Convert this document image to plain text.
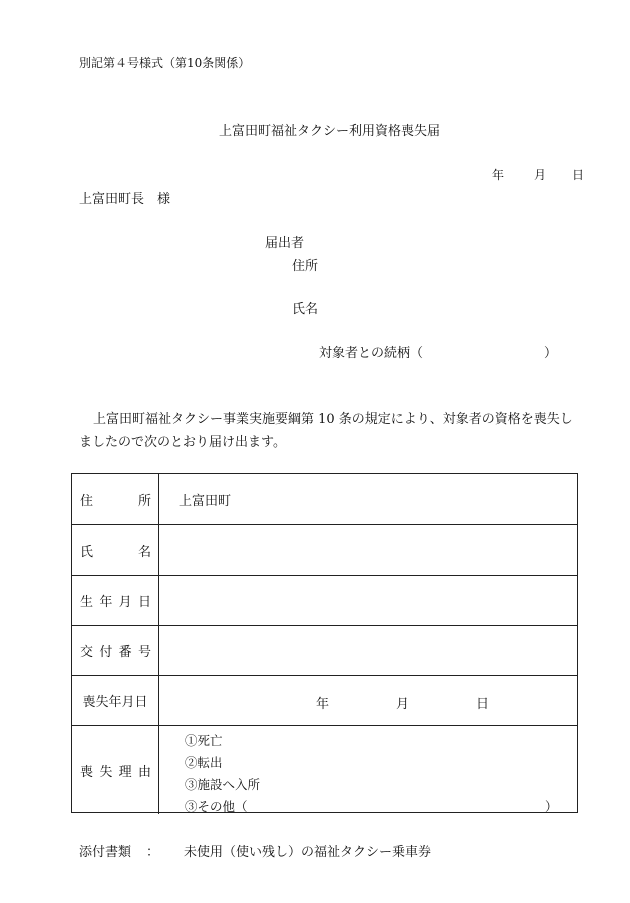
別記第４号様式（第10条関係）
上富田町福祉タクシー利用資格喪失届
年 月 日
上富田町長　様
届出者
住所
氏名
対象者との続柄（	）
上富田町福祉タクシー事業実施要綱第 10 条の規定により、対象者の資格を喪失し
ましたので次のとおり届け出ます。
住	所	上富田町
氏	名
生 年 月 日
交 付 番 号
喪失年月日	年	月	日
喪 失 理 由
①死亡
②転出
③施設へ入所
③その他（	）
添付書類 ： 未使用（使い残し）の福祉タクシー乗車券
